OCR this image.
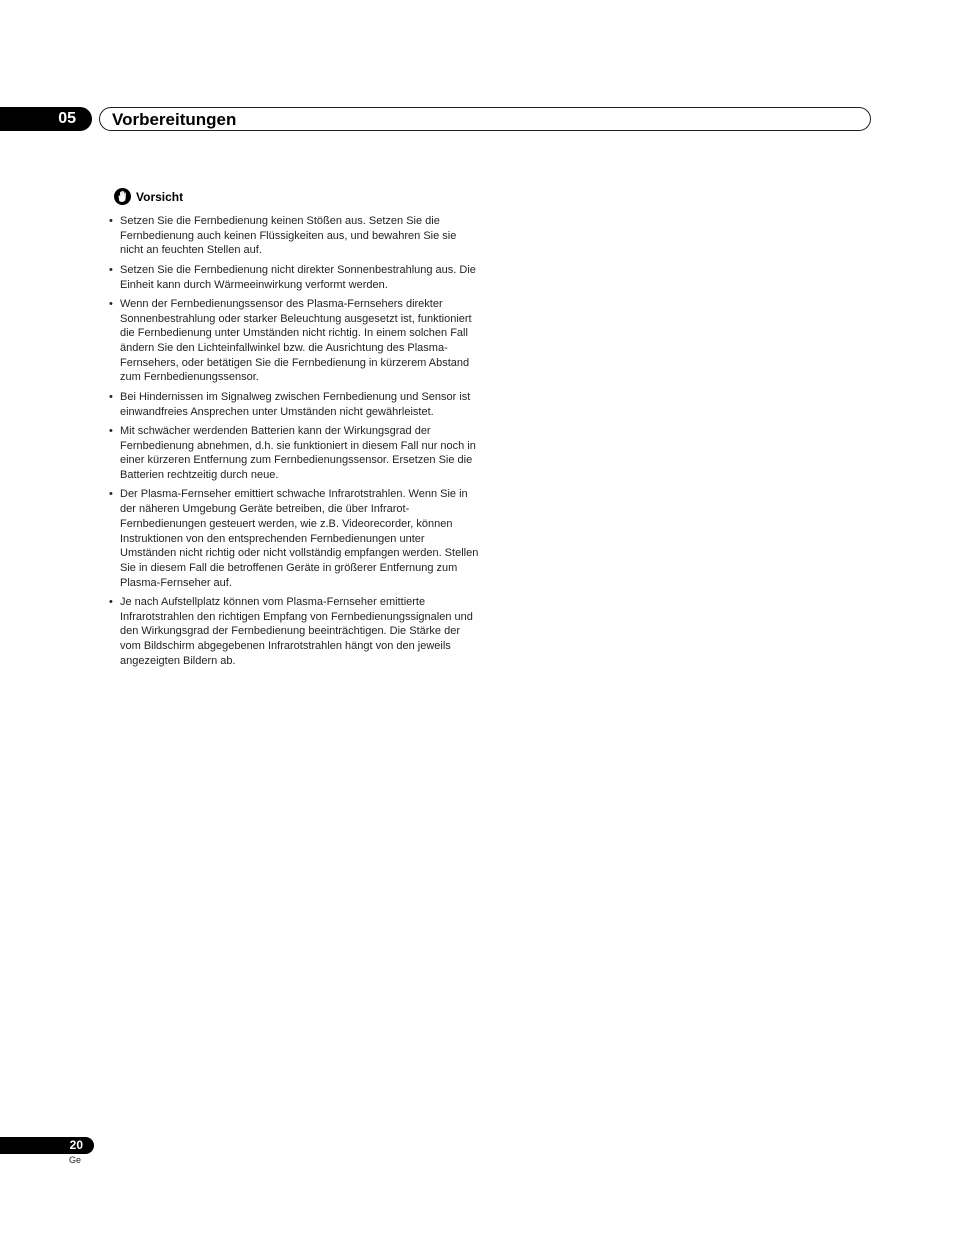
05	Vorbereitungen
Vorsicht
• Setzen Sie die Fernbedienung keinen Stößen aus. Setzen Sie die Fernbedienung auch keinen Flüssigkeiten aus, und bewahren Sie sie nicht an feuchten Stellen auf.
• Setzen Sie die Fernbedienung nicht direkter Sonnenbestrahlung aus. Die Einheit kann durch Wärmeeinwirkung verformt werden.
• Wenn der Fernbedienungssensor des Plasma-Fernsehers direkter Sonnenbestrahlung oder starker Beleuchtung ausgesetzt ist, funktioniert die Fernbedienung unter Umständen nicht richtig. In einem solchen Fall ändern Sie den Lichteinfallwinkel bzw. die Ausrichtung des Plasma-Fernsehers, oder betätigen Sie die Fernbedienung in kürzerem Abstand zum Fernbedienungssensor.
• Bei Hindernissen im Signalweg zwischen Fernbedienung und Sensor ist einwandfreies Ansprechen unter Umständen nicht gewährleistet.
• Mit schwächer werdenden Batterien kann der Wirkungsgrad der Fernbedienung abnehmen, d.h. sie funktioniert in diesem Fall nur noch in einer kürzeren Entfernung zum Fernbedienungssensor. Ersetzen Sie die Batterien rechtzeitig durch neue.
• Der Plasma-Fernseher emittiert schwache Infrarotstrahlen. Wenn Sie in der näheren Umgebung Geräte betreiben, die über Infrarot-Fernbedienungen gesteuert werden, wie z.B. Videorecorder, können Instruktionen von den entsprechenden Fernbedienungen unter Umständen nicht richtig oder nicht vollständig empfangen werden. Stellen Sie in diesem Fall die betroffenen Geräte in größerer Entfernung zum Plasma-Fernseher auf.
• Je nach Aufstellplatz können vom Plasma-Fernseher emittierte Infrarotstrahlen den richtigen Empfang von Fernbedienungssignalen und den Wirkungsgrad der Fernbedienung beeinträchtigen. Die Stärke der vom Bildschirm abgegebenen Infrarotstrahlen hängt von den jeweils angezeigten Bildern ab.
20
Ge
